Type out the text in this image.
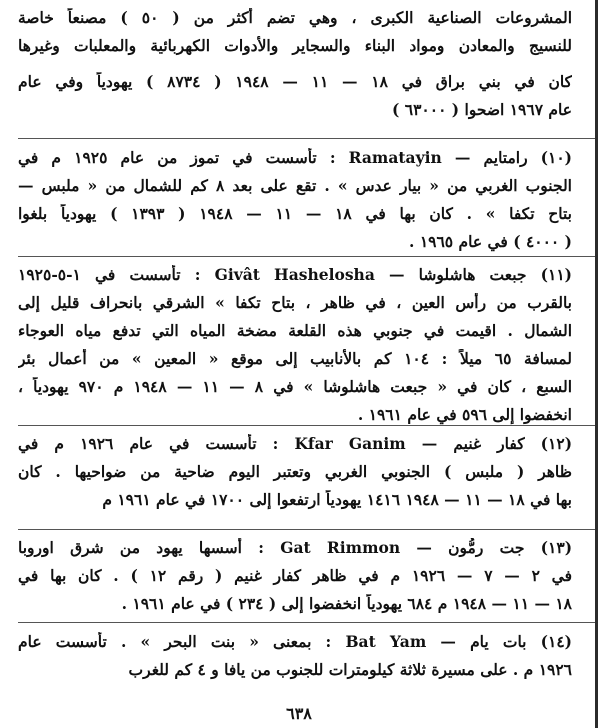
المشروعات الصناعية الكبرى ، وهي تضم أكثر من ( ٥٠ ) مصنعاً خاصة
للنسيج والمعادن ومواد البناء والسجاير والأدوات الكهربائية والمعلبات وغيرها
كان في بني براق في ١٨ — ١١ — ١٩٤٨ ( ٨٧٣٤ ) يهودياً وفي عام
عام ١٩٦٧ اضحوا ( ٦٣٠٠٠ )
(١٠) رامتايم — Ramatayin : تأسست في تموز من عام ١٩٢٥ م في
الجنوب الغربي من « بيار عدس » . تقع على بعد ٨ كم للشمال من « ملبس —
بتاح تكفا » . كان بها في ١٨ — ١١ — ١٩٤٨ ( ١٣٩٣ ) يهودياً بلغوا
( ٤٠٠٠ ) في عام ١٩٦٥ .
(١١) جبعت هاشلوشا — Givât Hashelosha : تأسست في ١-٥-١٩٢٥
بالقرب من رأس العين ، في ظاهر ، بتاح تكفا » الشرقي بانحراف قليل إلى
الشمال . اقيمت في جنوبي هذه القلعة مضخة المياه التي تدفع مياه العوجاء
لمسافة ٦٥ ميلاً : ١٠٤ كم بالأنابيب إلى موقع « المعين » من أعمال بئر
السبع ، كان في « جبعت هاشلوشا » في ٨ — ١١ — ١٩٤٨ م ٩٧٠ يهودياً ،
انخفضوا إلى ٥٩٦ في عام ١٩٦١ .
(١٢) كفار غنيم — Kfar Ganim : تأسست في عام ١٩٢٦ م في
ظاهر ( ملبس ) الجنوبي الغربي وتعتبر اليوم ضاحية من ضواحيها . كان
بها في ١٨ — ١١ — ١٩٤٨ ١٤١٦ يهودياً ارتفعوا إلى ١٧٠٠ في عام ١٩٦١ م
(١٣) جت رمُّون — Gat Rimmon : أسسها يهود من شرق اوروبا
في ٢ — ٧ — ١٩٢٦ م في ظاهر كفار غنيم ( رقم ١٢ ) . كان بها في
١٨ — ١١ — ١٩٤٨ م ٦٨٤ يهودياً انخفضوا إلى ( ٢٣٤ ) في عام ١٩٦١ .
(١٤) بات يام — Bat Yam : بمعنى « بنت البحر » . تأسست عام
١٩٢٦ م . على مسيرة ثلاثة كيلومترات للجنوب من يافا و ٤ كم للغرب
٦٣٨
